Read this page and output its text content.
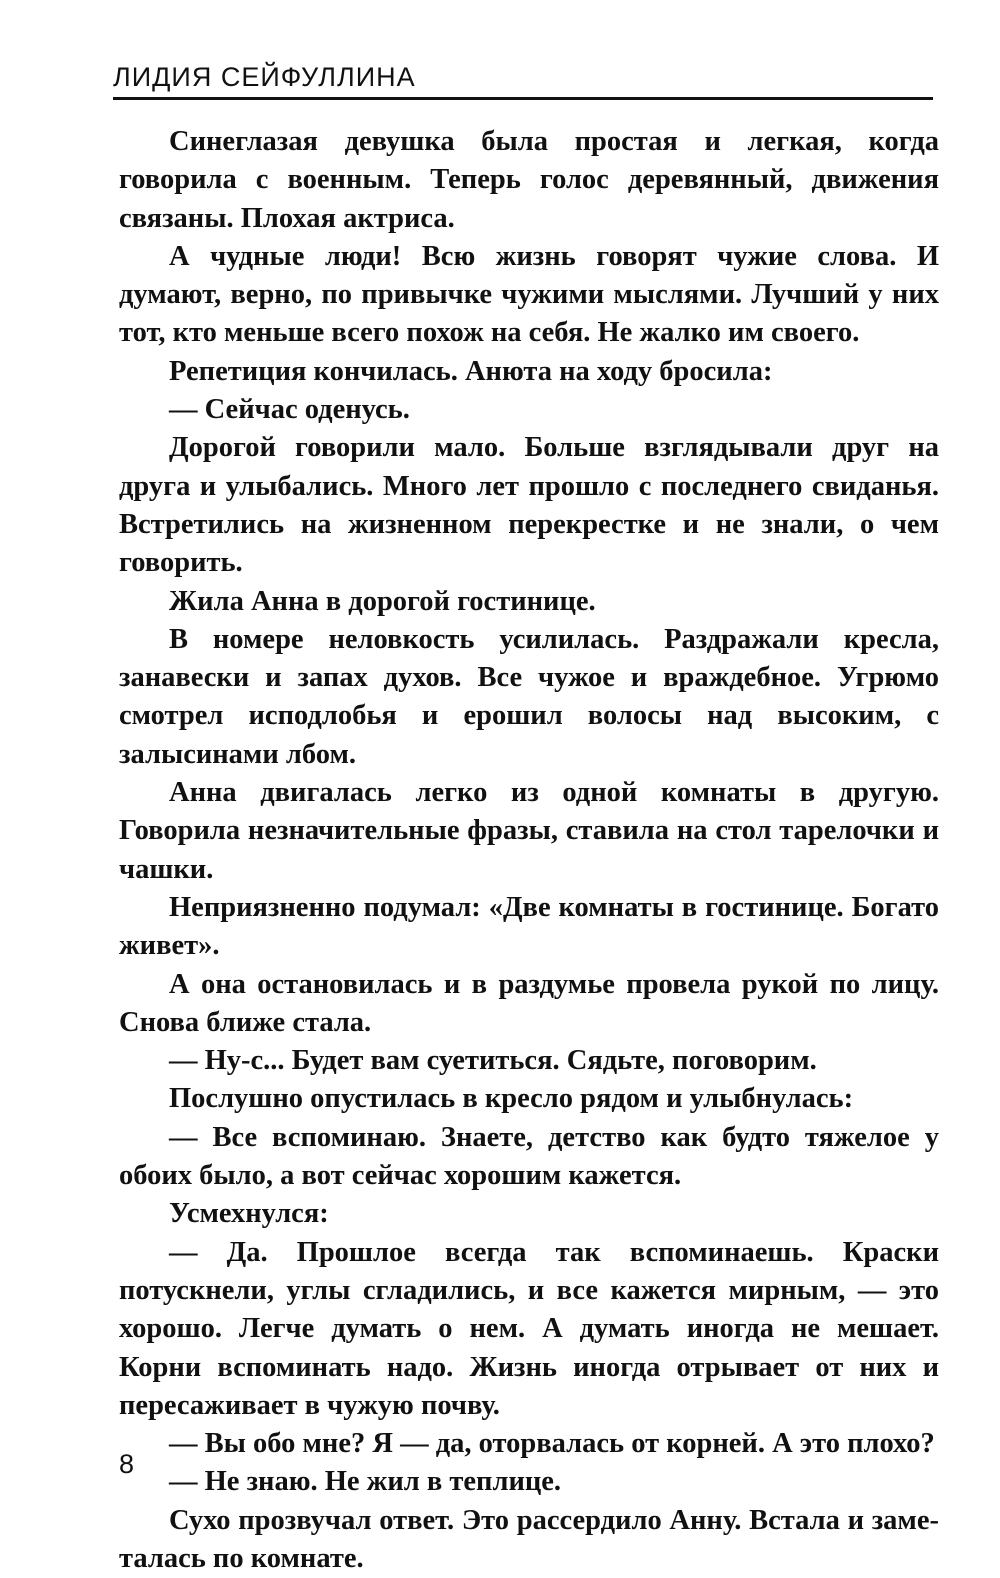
ЛИДИЯ СЕЙФУЛЛИНА

Синеглазая девушка была простая и легкая, когда говорила с военным. Теперь голос деревянный, движения связаны. Плохая актриса.

А чудные люди! Всю жизнь говорят чужие слова. И думают, верно, по привычке чужими мыслями. Лучший у них тот, кто меньше всего похож на себя. Не жалко им своего.

Репетиция кончилась. Анюта на ходу бросила:

— Сейчас оденусь.

Дорогой говорили мало. Больше взглядывали друг на друга и улыбались. Много лет прошло с последнего свиданья. Встретились на жизненном перекрестке и не знали, о чем говорить.

Жила Анна в дорогой гостинице.

В номере неловкость усилилась. Раздражали кресла, занавески и запах духов. Все чужое и враждебное. Угрюмо смотрел исподлобья и ерошил волосы над высоким, с залысинами лбом.

Анна двигалась легко из одной комнаты в другую. Говорила незначительные фразы, ставила на стол тарелочки и чашки.

Неприязненно подумал: «Две комнаты в гостинице. Богато живет».

А она остановилась и в раздумье провела рукой по лицу. Снова ближе стала.

— Ну-с... Будет вам суетиться. Сядьте, поговорим.

Послушно опустилась в кресло рядом и улыбнулась:

— Все вспоминаю. Знаете, детство как будто тяжелое у обоих было, а вот сейчас хорошим кажется.

Усмехнулся:

— Да. Прошлое всегда так вспоминаешь. Краски потускнели, углы сгладились, и все кажется мирным, — это хорошо. Легче думать о нем. А думать иногда не мешает. Корни вспоминать надо. Жизнь иногда отрывает от них и пересаживает в чужую почву.

— Вы обо мне? Я — да, оторвалась от корней. А это плохо?

— Не знаю. Не жил в теплице.

Сухо прозвучал ответ. Это рассердило Анну. Встала и заметалась по комнате.

8
